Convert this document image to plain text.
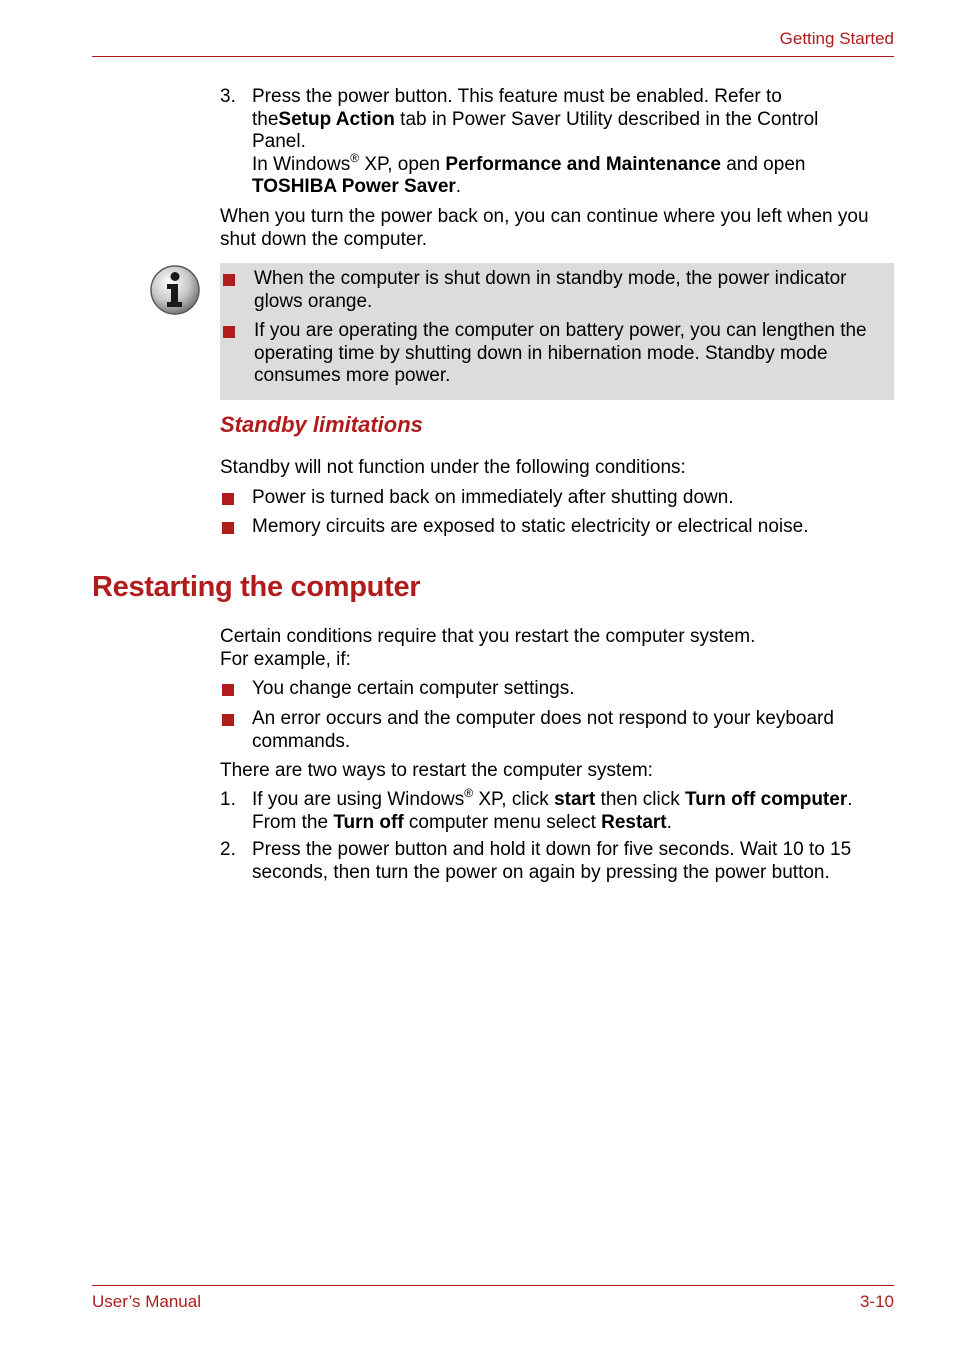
Getting Started
3. Press the power button. This feature must be enabled. Refer to
theSetup Action tab in Power Saver Utility described in the Control
Panel.
In Windows® XP, open Performance and Maintenance and open
TOSHIBA Power Saver.
When you turn the power back on, you can continue where you left when you shut down the computer.
When the computer is shut down in standby mode, the power indicator glows orange.
If you are operating the computer on battery power, you can lengthen the operating time by shutting down in hibernation mode. Standby mode consumes more power.
Standby limitations
Standby will not function under the following conditions:
Power is turned back on immediately after shutting down.
Memory circuits are exposed to static electricity or electrical noise.
Restarting the computer
Certain conditions require that you restart the computer system.
For example, if:
You change certain computer settings.
An error occurs and the computer does not respond to your keyboard commands.
There are two ways to restart the computer system:
1. If you are using Windows® XP, click start then click Turn off computer.
From the Turn off computer menu select Restart.
2. Press the power button and hold it down for five seconds. Wait 10 to 15 seconds, then turn the power on again by pressing the power button.
User’s Manual	3-10
